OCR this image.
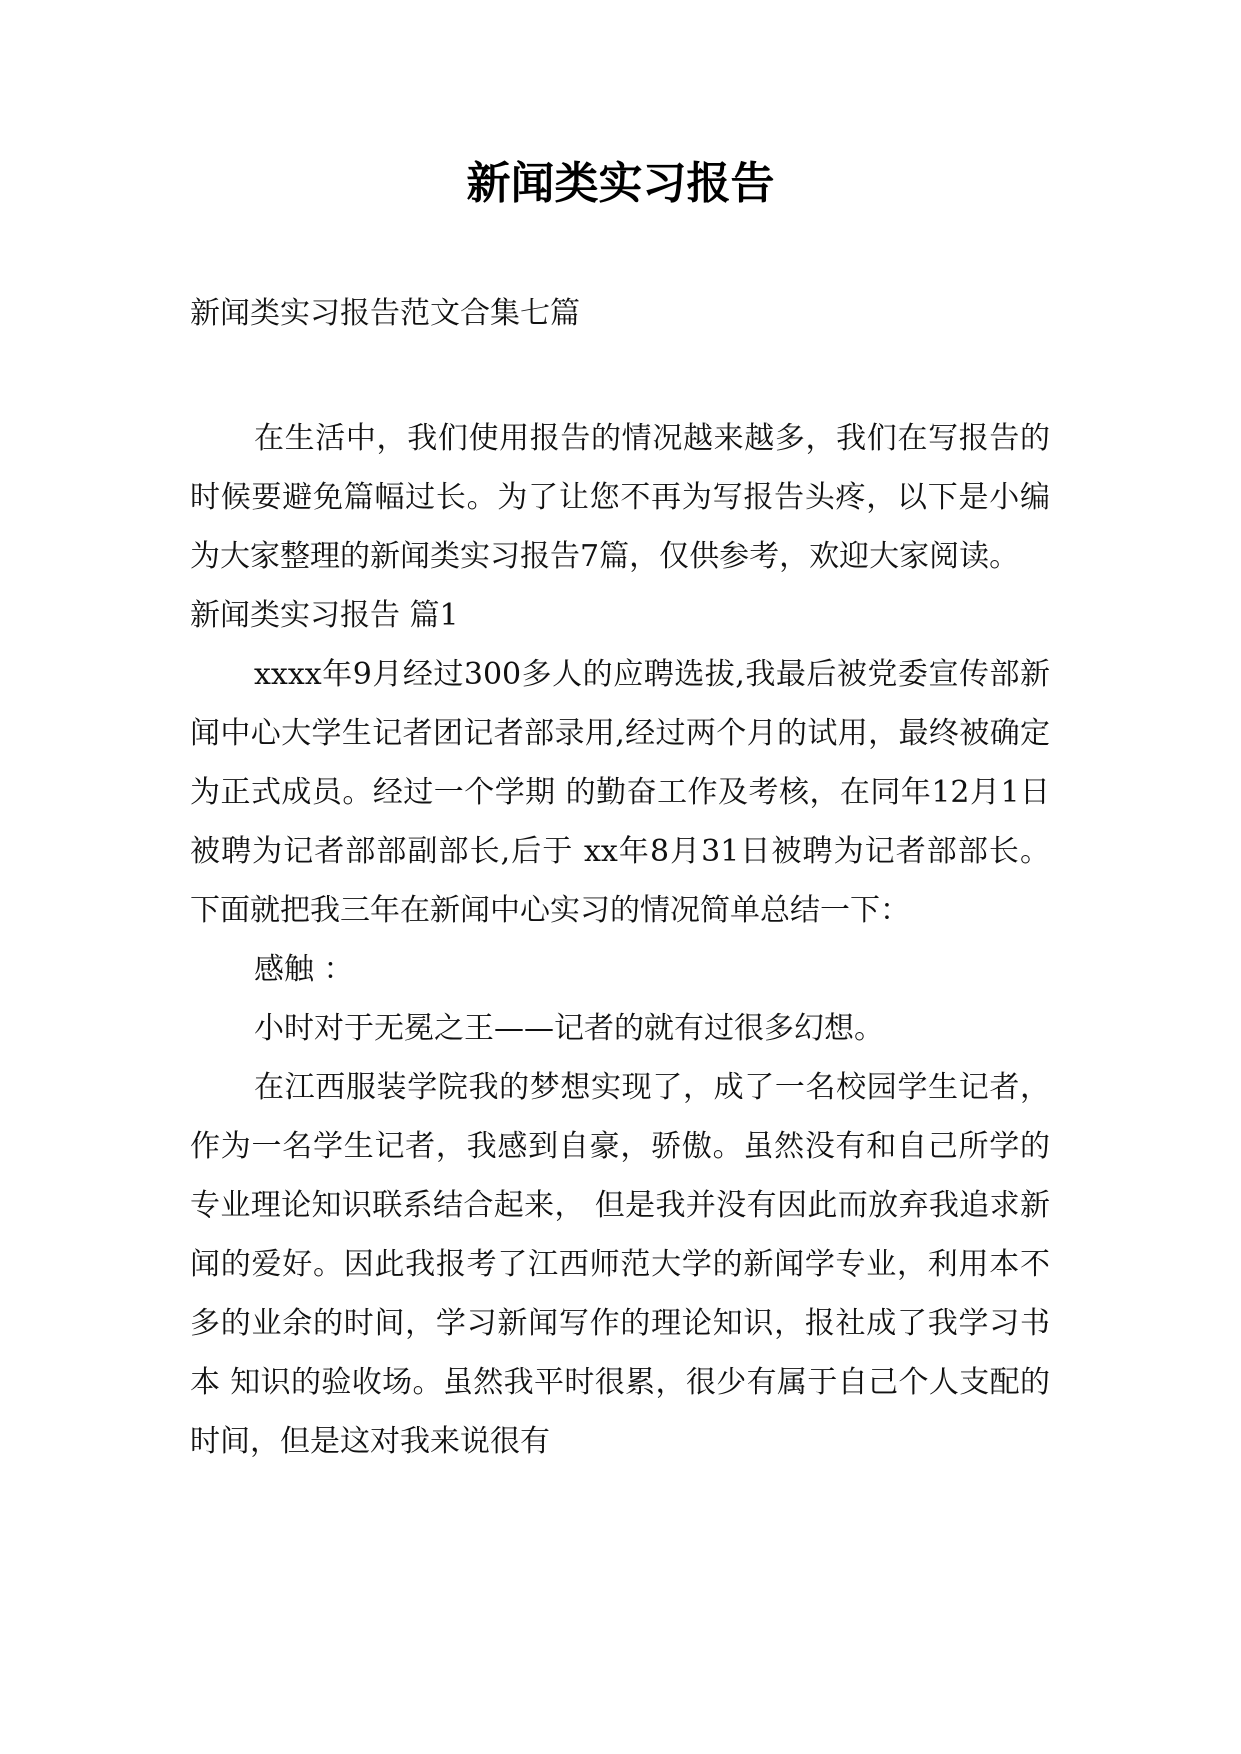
新闻类实习报告
新闻类实习报告范文合集七篇

在生活中，我们使用报告的情况越来越多，我们在写报告的时候要避免篇幅过长。为了让您不再为写报告头疼，以下是小编为大家整理的新闻类实习报告7篇，仅供参考，欢迎大家阅读。

新闻类实习报告 篇1

xxxx年9月经过300多人的应聘选拔,我最后被党委宣传部新闻中心大学生记者团记者部录用,经过两个月的试用，最终被确定为正式成员。经过一个学期 的勤奋工作及考核，在同年12月1日被聘为记者部部副部长,后于 xx年8月31日被聘为记者部部长。下面就把我三年在新闻中心实习的情况简单总结一下：

感触 ：

小时对于无冕之王——记者的就有过很多幻想。

在江西服装学院我的梦想实现了，成了一名校园学生记者，作为一名学生记者，我感到自豪，骄傲。虽然没有和自己所学的专业理论知识联系结合起来， 但是我并没有因此而放弃我追求新闻的爱好。因此我报考了江西师范大学的新闻学专业，利用本不多的业余的时间，学习新闻写作的理论知识，报社成了我学习书本 知识的验收场。虽然我平时很累，很少有属于自己个人支配的时间，但是这对我来说很有
